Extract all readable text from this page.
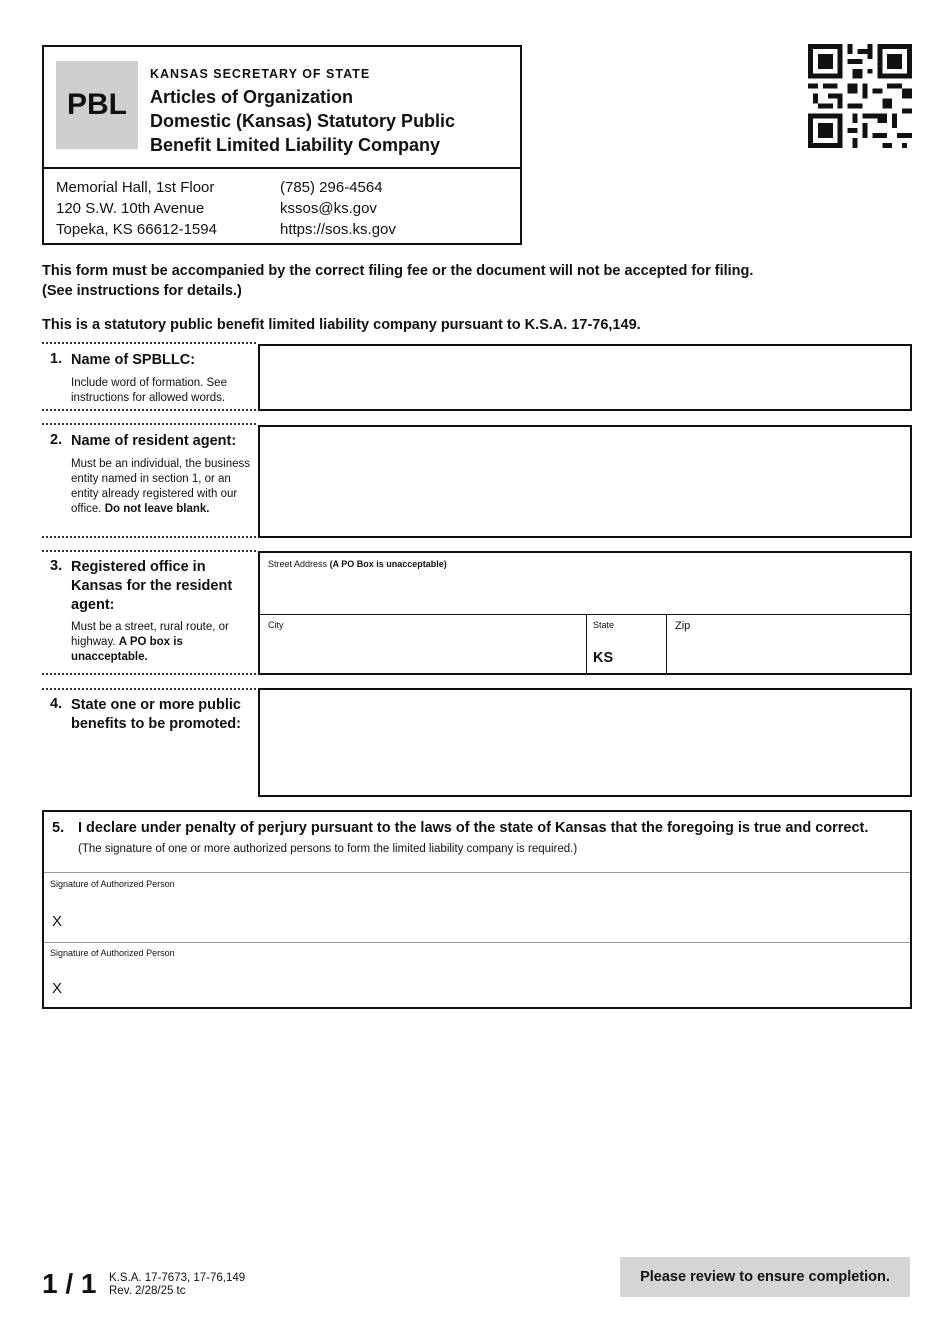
PBL
KANSAS SECRETARY OF STATE
Articles of Organization
Domestic (Kansas) Statutory Public
Benefit Limited Liability Company
Memorial Hall, 1st Floor
120 S.W. 10th Avenue
Topeka, KS 66612-1594
(785) 296-4564
kssos@ks.gov
https://sos.ks.gov
This form must be accompanied by the correct filing fee or the document will not be accepted for filing.
(See instructions for details.)
This is a statutory public benefit limited liability company pursuant to K.S.A. 17-76,149.
1. Name of SPBLLC:
Include word of formation. See instructions for allowed words.
2. Name of resident agent:
Must be an individual, the business entity named in section 1, or an entity already registered with our office. Do not leave blank.
3. Registered office in Kansas for the resident agent:
Must be a street, rural route, or highway. A PO box is unacceptable.
Street Address (A PO Box is unacceptable)
City	State
KS
Zip
4. State one or more public benefits to be promoted:
5. I declare under penalty of perjury pursuant to the laws of the state of Kansas that the foregoing is true and correct.
(The signature of one or more authorized persons to form the limited liability company is required.)
Signature of Authorized Person
X
Signature of Authorized Person
X
1 / 1 K.S.A. 17-7673, 17-76,149
Rev. 2/28/25 tc
Please review to ensure completion.
